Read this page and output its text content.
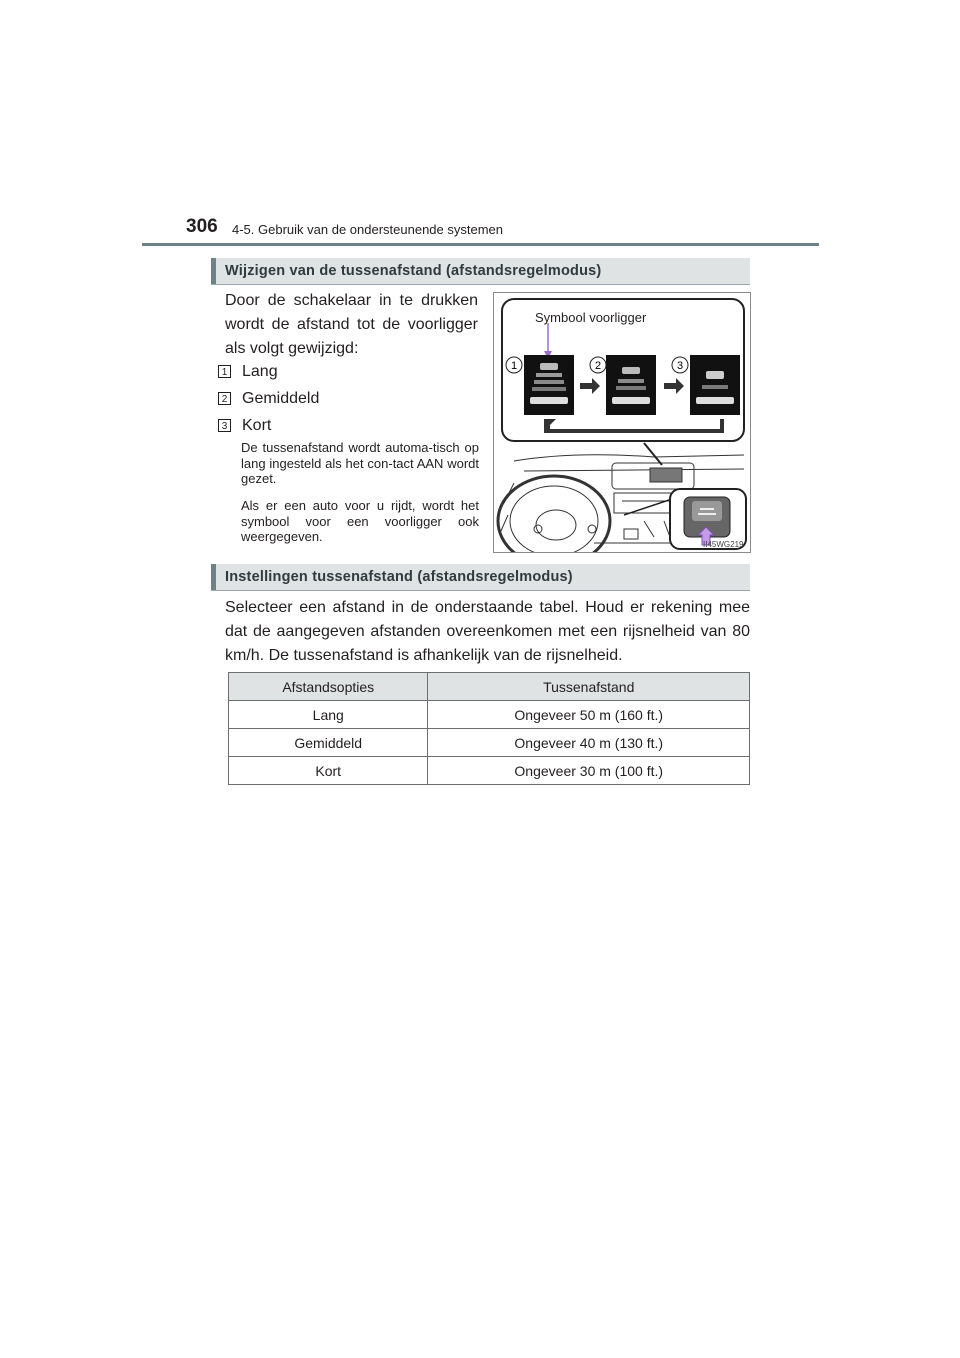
306 4-5. Gebruik van de ondersteunende systemen
Wijzigen van de tussenafstand (afstandsregelmodus)
Door de schakelaar in te drukken wordt de afstand tot de voorligger als volgt gewijzigd:
1 Lang
2 Gemiddeld
3 Kort
De tussenafstand wordt automa-tisch op lang ingesteld als het con-tact AAN wordt gezet.
Als er een auto voor u rijdt, wordt het symbool voor een voorligger ook weergegeven.
1	2	3
Symbool voorligger
II45WG219
Instellingen tussenafstand (afstandsregelmodus)
Selecteer een afstand in de onderstaande tabel. Houd er rekening mee dat de aangegeven afstanden overeenkomen met een rijsnelheid van 80 km/h. De tussenafstand is afhankelijk van de rijsnelheid.
Afstandsopties	Tussenafstand
Lang	Ongeveer 50 m (160 ft.)
Gemiddeld	Ongeveer 40 m (130 ft.)
Kort	Ongeveer 30 m (100 ft.)
